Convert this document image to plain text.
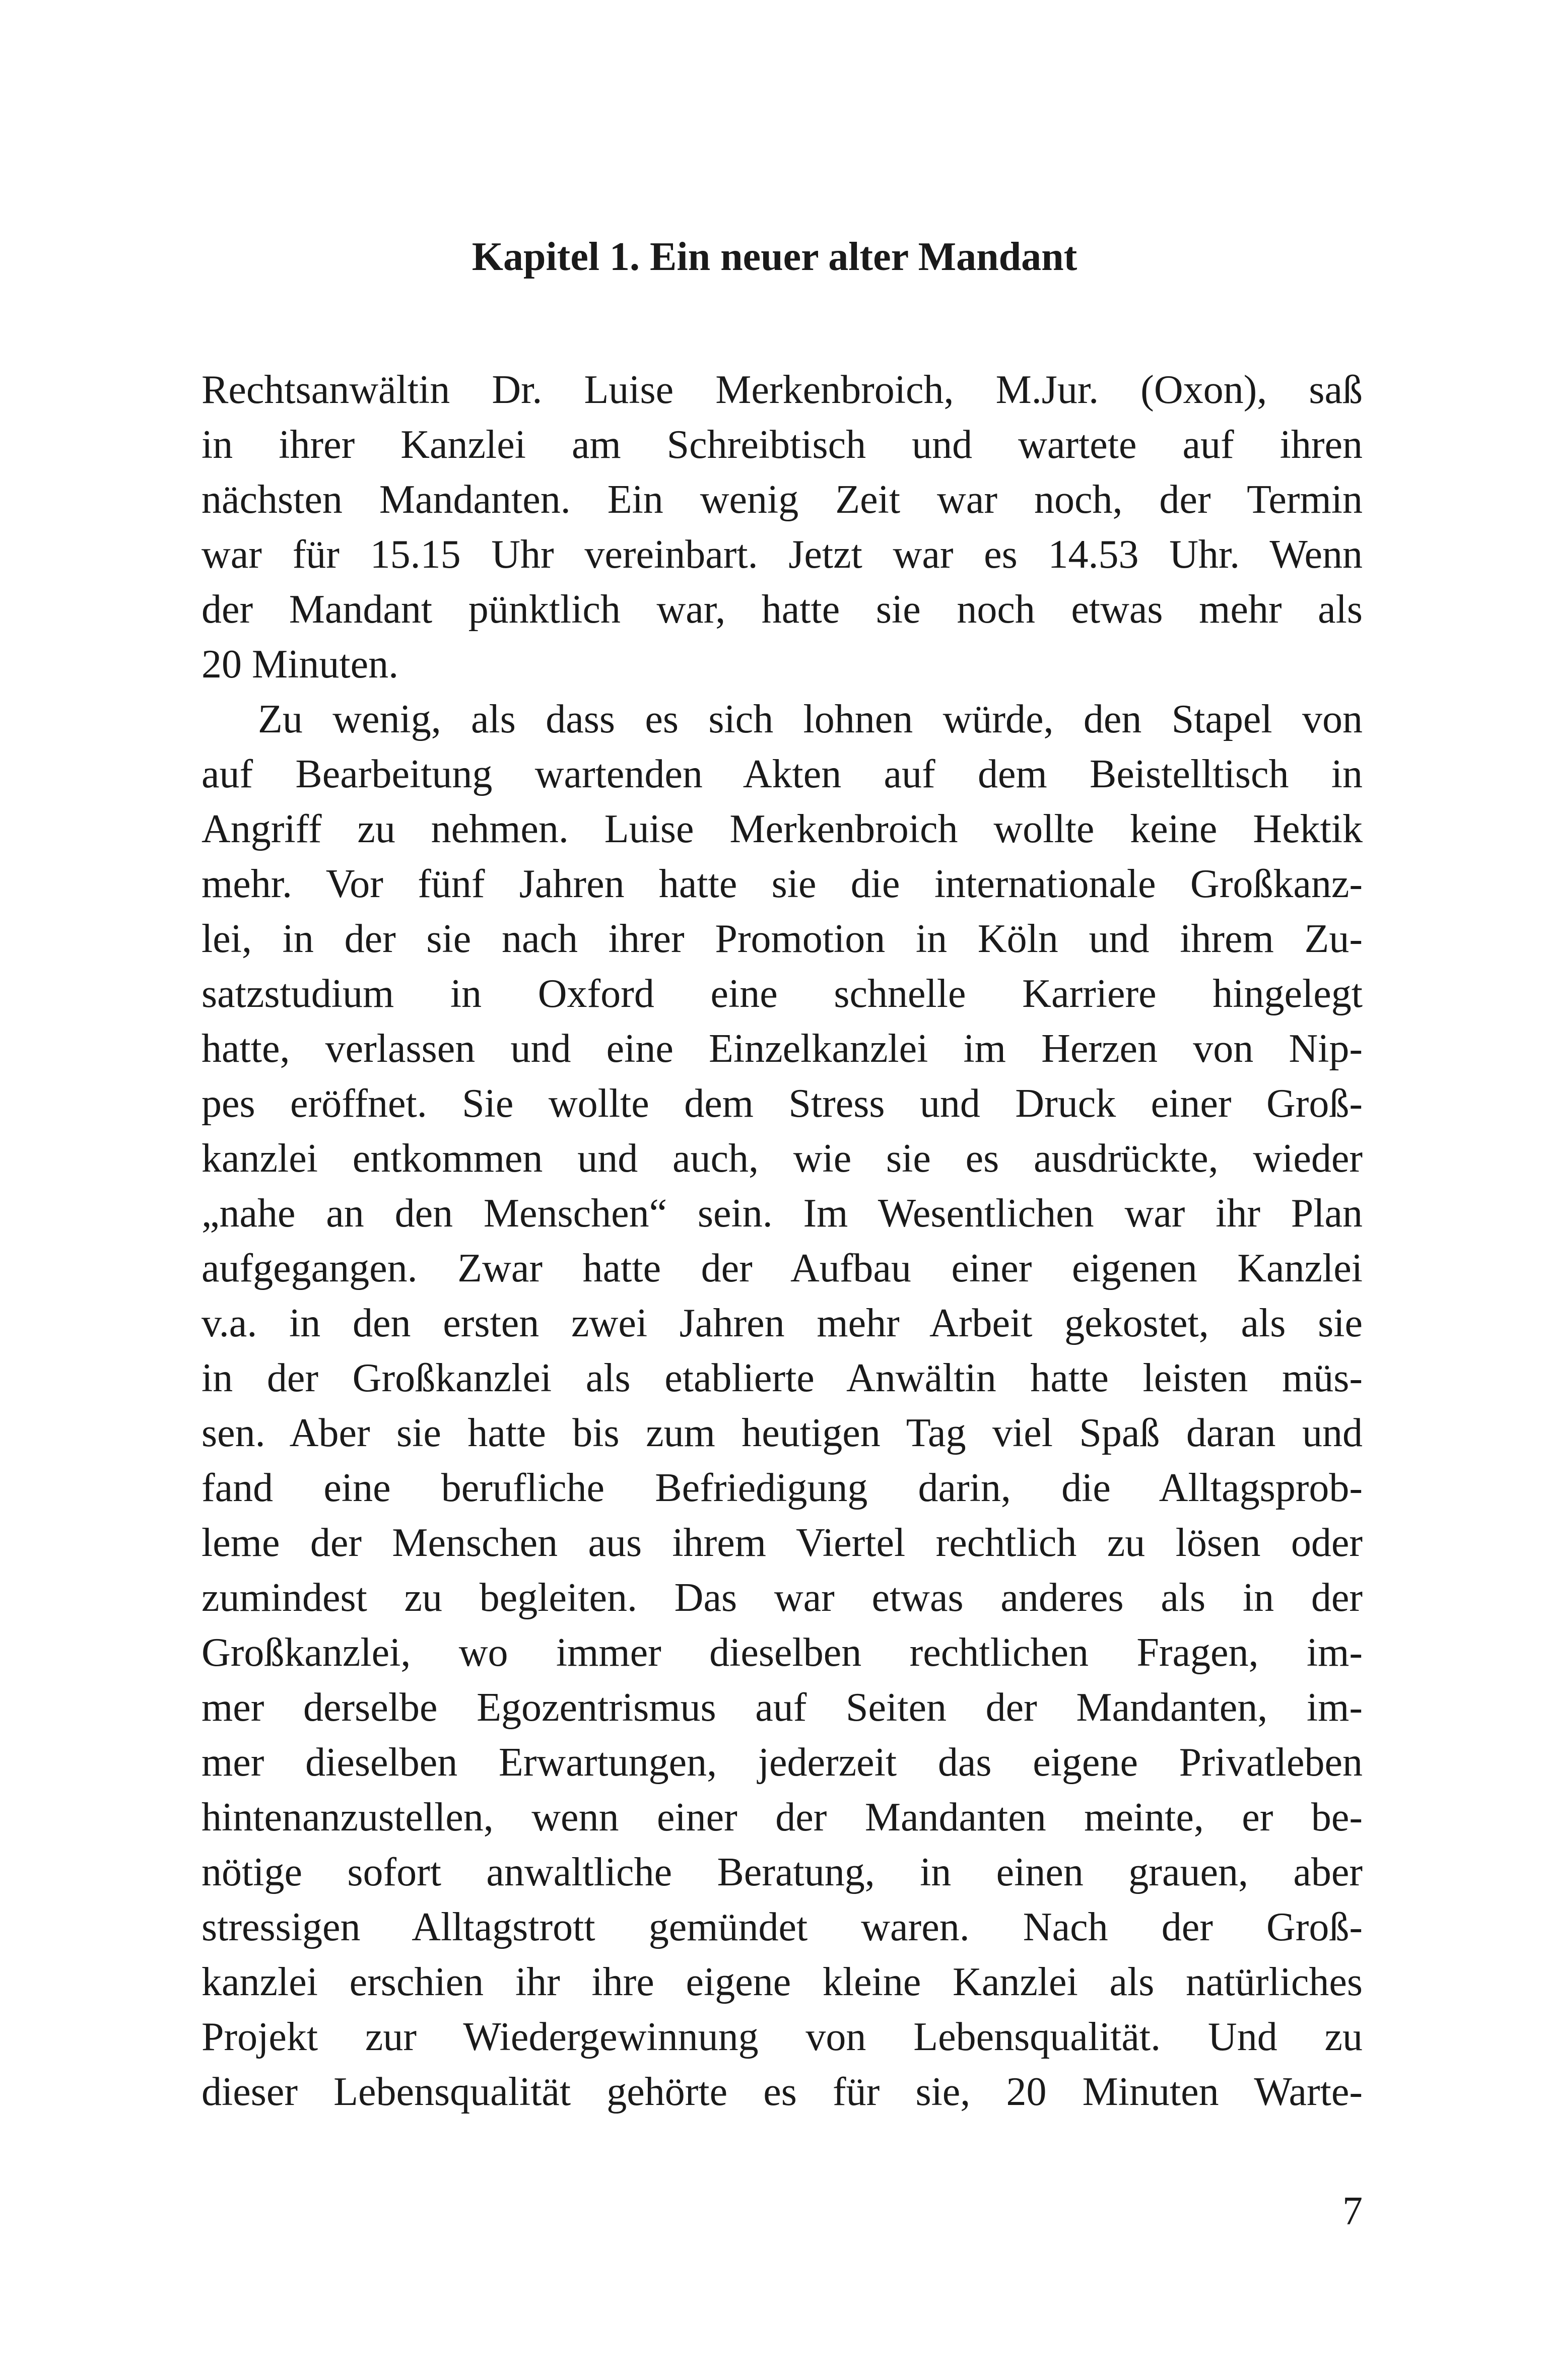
Kapitel 1. Ein neuer alter Mandant
Rechtsanwältin Dr. Luise Merkenbroich, M.Jur. (Oxon), saß
in ihrer Kanzlei am Schreibtisch und wartete auf ihren
nächsten Mandanten. Ein wenig Zeit war noch, der Termin
war für 15.15 Uhr vereinbart. Jetzt war es 14.53 Uhr. Wenn
der Mandant pünktlich war, hatte sie noch etwas mehr als
20 Minuten.
Zu wenig, als dass es sich lohnen würde, den Stapel von
auf Bearbeitung wartenden Akten auf dem Beistelltisch in
Angriff zu nehmen. Luise Merkenbroich wollte keine Hektik
mehr. Vor fünf Jahren hatte sie die internationale Großkanz-
lei, in der sie nach ihrer Promotion in Köln und ihrem Zu-
satzstudium in Oxford eine schnelle Karriere hingelegt
hatte, verlassen und eine Einzelkanzlei im Herzen von Nip-
pes eröffnet. Sie wollte dem Stress und Druck einer Groß-
kanzlei entkommen und auch, wie sie es ausdrückte, wieder
„nahe an den Menschen“ sein. Im Wesentlichen war ihr Plan
aufgegangen. Zwar hatte der Aufbau einer eigenen Kanzlei
v.a. in den ersten zwei Jahren mehr Arbeit gekostet, als sie
in der Großkanzlei als etablierte Anwältin hatte leisten müs-
sen. Aber sie hatte bis zum heutigen Tag viel Spaß daran und
fand eine berufliche Befriedigung darin, die Alltagsprob-
leme der Menschen aus ihrem Viertel rechtlich zu lösen oder
zumindest zu begleiten. Das war etwas anderes als in der
Großkanzlei, wo immer dieselben rechtlichen Fragen, im-
mer derselbe Egozentrismus auf Seiten der Mandanten, im-
mer dieselben Erwartungen, jederzeit das eigene Privatleben
hintenanzustellen, wenn einer der Mandanten meinte, er be-
nötige sofort anwaltliche Beratung, in einen grauen, aber
stressigen Alltagstrott gemündet waren. Nach der Groß-
kanzlei erschien ihr ihre eigene kleine Kanzlei als natürliches
Projekt zur Wiedergewinnung von Lebensqualität. Und zu
dieser Lebensqualität gehörte es für sie, 20 Minuten Warte-
7
